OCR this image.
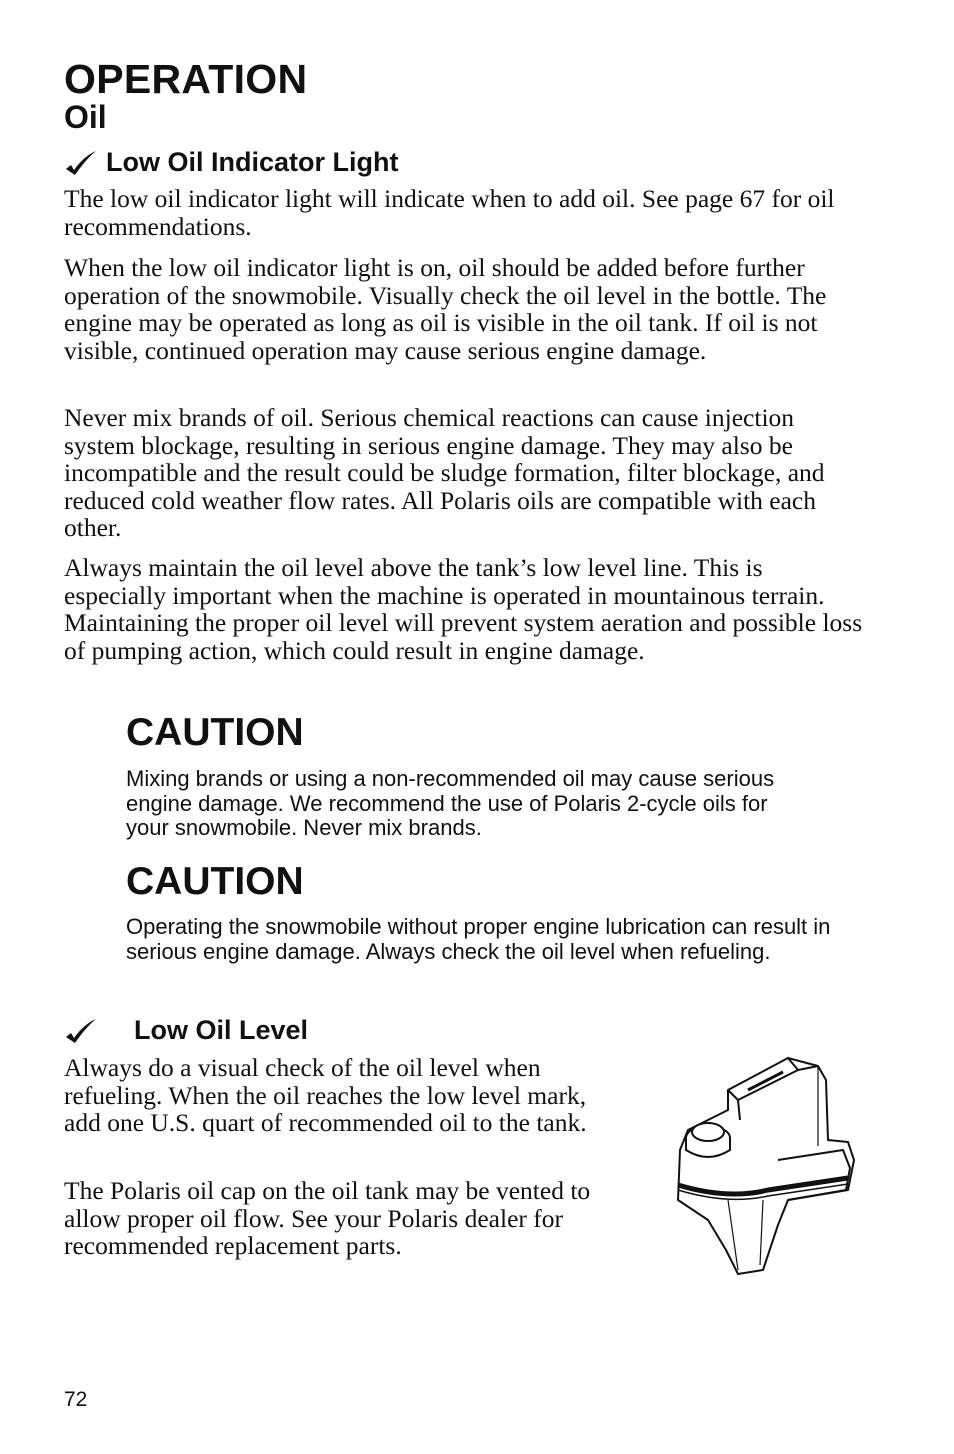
OPERATION
Oil
Low Oil Indicator Light

The low oil indicator light will indicate when to add oil. See page 67 for oil recommendations.

When the low oil indicator light is on, oil should be added before further operation of the snowmobile. Visually check the oil level in the bottle. The engine may be operated as long as oil is visible in the oil tank. If oil is not visible, continued operation may cause serious engine damage.

Never mix brands of oil. Serious chemical reactions can cause injection system blockage, resulting in serious engine damage. They may also be incompatible and the result could be sludge formation, filter blockage, and reduced cold weather flow rates. All Polaris oils are compatible with each other.

Always maintain the oil level above the tank’s low level line. This is especially important when the machine is operated in mountainous terrain. Maintaining the proper oil level will prevent system aeration and possible loss of pumping action, which could result in engine damage.

CAUTION

Mixing brands or using a non-recommended oil may cause serious engine damage. We recommend the use of Polaris 2-cycle oils for your snowmobile. Never mix brands.

CAUTION

Operating the snowmobile without proper engine lubrication can result in serious engine damage. Always check the oil level when refueling.

Low Oil Level

Always do a visual check of the oil level when refueling. When the oil reaches the low level mark, add one U.S. quart of recommended oil to the tank.

The Polaris oil cap on the oil tank may be vented to allow proper oil flow. See your Polaris dealer for recommended replacement parts.

72
